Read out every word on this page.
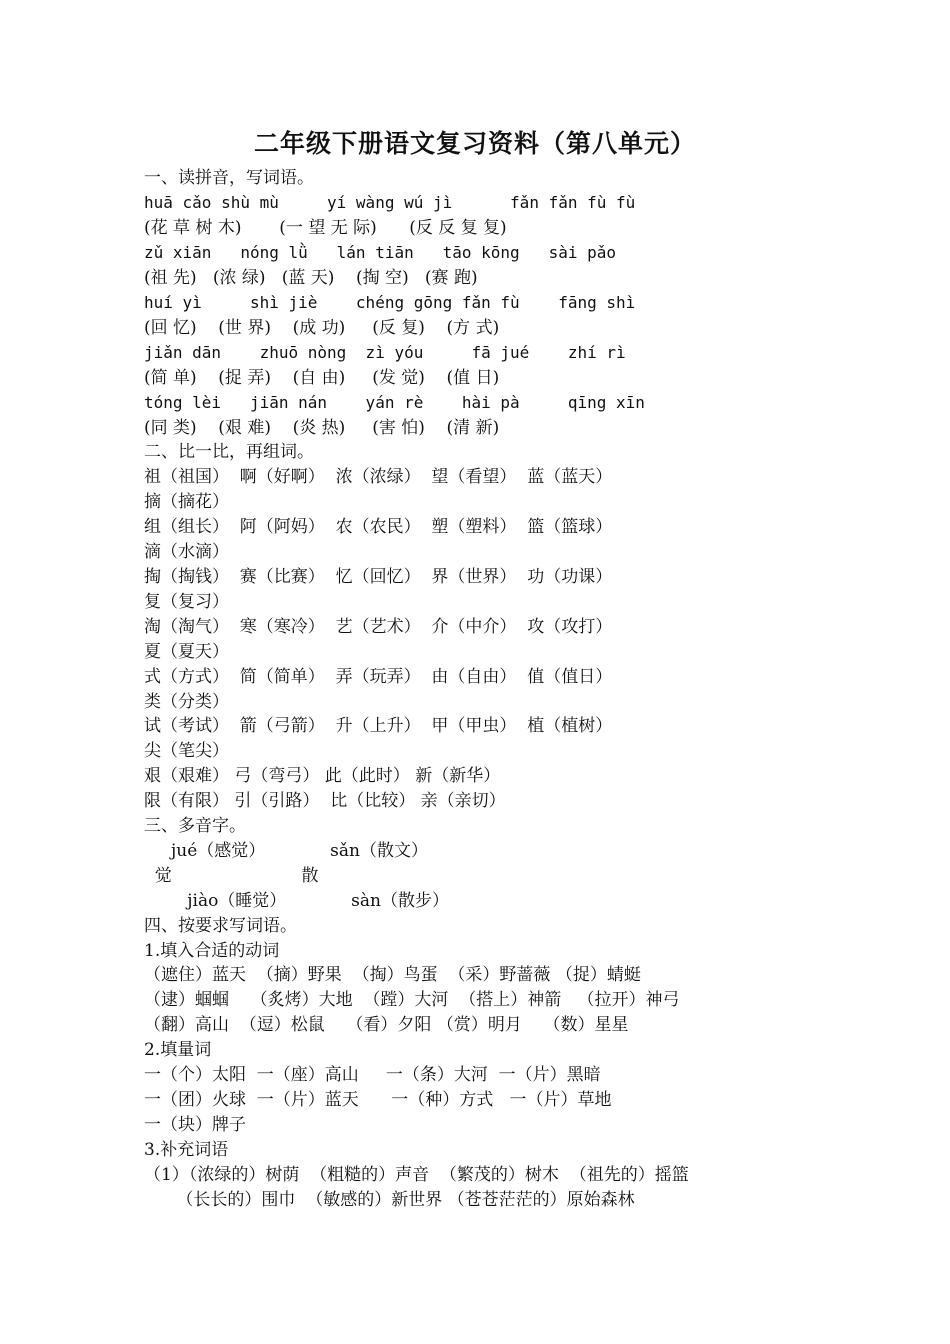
二年级下册语文复习资料（第八单元）
一、读拼音，写词语。
huā cǎo shù mù     yí wàng wú jì      fǎn fǎn fù fù
(花 草 树 木)       (一 望 无 际)      (反 反 复 复)
zǔ xiān   nóng lǜ   lán tiān   tāo kōng   sài pǎo
(祖 先)   (浓 绿)   (蓝 天)    (掏 空)   (赛 跑)
huí yì     shì jiè    chéng gōng fǎn fù    fāng shì
(回 忆)    (世 界)    (成 功)     (反 复)    (方 式)
jiǎn dān    zhuō nòng  zì yóu     fā jué    zhí rì
(简 单)    (捉 弄)    (自 由)     (发 觉)    (值 日)
tóng lèi   jiān nán    yán rè    hài pà     qīng xīn
(同 类)    (艰 难)    (炎 热)     (害 怕)    (清 新)
二、比一比，再组词。
祖（祖国）  啊（好啊）  浓（浓绿）  望（看望）  蓝（蓝天）
摘（摘花）
组（组长）  阿（阿妈）  农（农民）  塑（塑料）  篮（篮球）
滴（水滴）
掏（掏钱）  赛（比赛）  忆（回忆）  界（世界）  功（功课）
复（复习）
淘（淘气）  寒（寒冷）  艺（艺术）  介（中介）  攻（攻打）
夏（夏天）
式（方式）  简（简单）  弄（玩弄）  由（自由）  值（值日）
类（分类）
试（考试）  箭（弓箭）  升（上升）  甲（甲虫）  植（植树）
尖（笔尖）
艰（艰难） 弓（弯弓） 此（此时） 新（新华）
限（有限） 引（引路）  比（比较） 亲（亲切）
三、多音字。
jué（感觉）            sǎn（散文）
觉                        散
jiào（睡觉）            sàn（散步）
四、按要求写词语。
1.填入合适的动词
（遮住）蓝天  （摘）野果  （掏）鸟蛋  （采）野蔷薇 （捉）蜻蜓
（逮）蝈蝈    （炙烤）大地  （蹚）大河  （搭上）神箭   （拉开）神弓
（翻）高山  （逗）松鼠    （看）夕阳 （赏）明月    （数）星星
2.填量词
一（个）太阳  一（座）高山     一（条）大河  一（片）黑暗
一（团）火球  一（片）蓝天      一（种）方式   一（片）草地
一（块）牌子
3.补充词语
（1）（浓绿的）树荫  （粗糙的）声音  （繁茂的）树木  （祖先的）摇篮
（长长的）围巾  （敏感的）新世界 （苍苍茫茫的）原始森林
